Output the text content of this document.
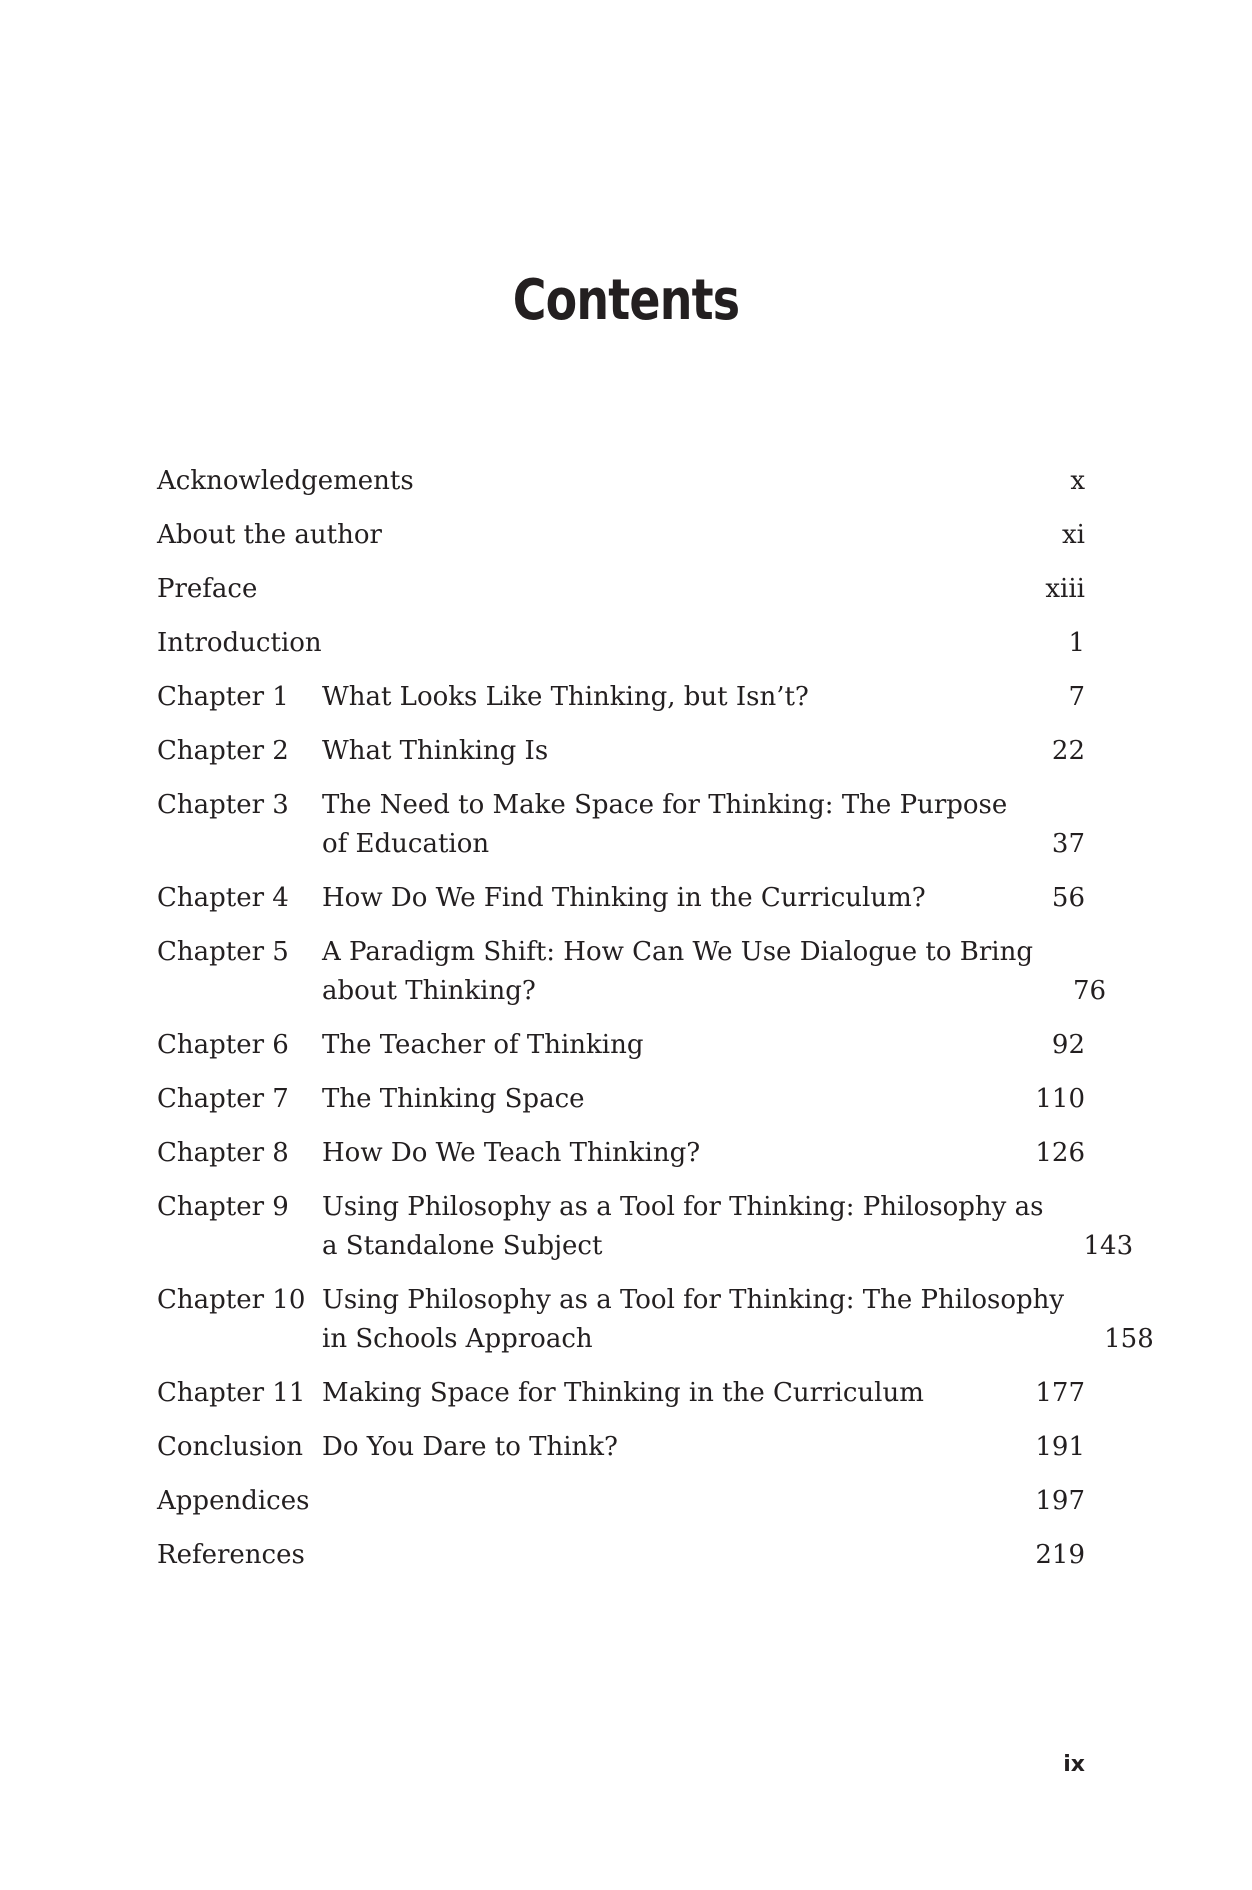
Contents
Acknowledgements	x
About the author	xi
Preface	xiii
Introduction	1
Chapter 1	What Looks Like Thinking, but Isn’t?	7
Chapter 2	What Thinking Is	22
Chapter 3	The Need to Make Space for Thinking: The Purpose
of Education	37
Chapter 4	How Do We Find Thinking in the Curriculum?	56
Chapter 5	A Paradigm Shift: How Can We Use Dialogue to Bring
about Thinking?	76
Chapter 6	The Teacher of Thinking	92
Chapter 7	The Thinking Space	110
Chapter 8	How Do We Teach Thinking?	126
Chapter 9	Using Philosophy as a Tool for Thinking: Philosophy as
a Standalone Subject	143
Chapter 10 Using Philosophy as a Tool for Thinking: The Philosophy
in Schools Approach	158
Chapter 11 Making Space for Thinking in the Curriculum	177
Conclusion Do You Dare to Think?	191
Appendices	197
References	219
ix
